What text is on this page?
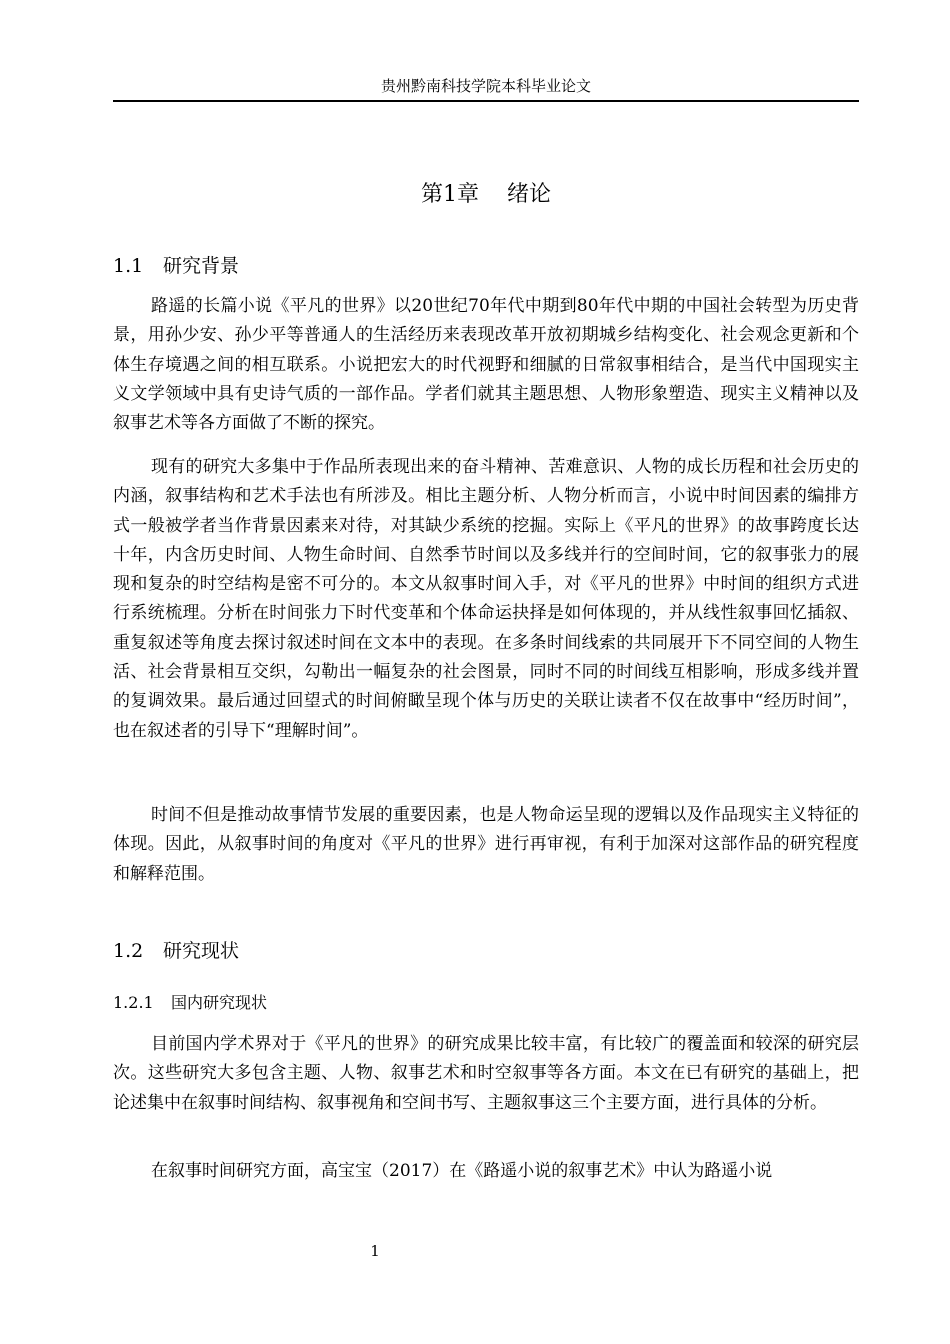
贵州黔南科技学院本科毕业论文
第1章 绪论
1.1 研究背景

路遥的长篇小说《平凡的世界》以20世纪70年代中期到80年代中期的中国社会转型为历史背景，用孙少安、孙少平等普通人的生活经历来表现改革开放初期城乡结构变化、社会观念更新和个体生存境遇之间的相互联系。小说把宏大的时代视野和细腻的日常叙事相结合，是当代中国现实主义文学领域中具有史诗气质的一部作品。学者们就其主题思想、人物形象塑造、现实主义精神以及叙事艺术等各方面做了不断的探究。

现有的研究大多集中于作品所表现出来的奋斗精神、苦难意识、人物的成长历程和社会历史的内涵，叙事结构和艺术手法也有所涉及。相比主题分析、人物分析而言，小说中时间因素的编排方式一般被学者当作背景因素来对待，对其缺少系统的挖掘。实际上《平凡的世界》的故事跨度长达十年，内含历史时间、人物生命时间、自然季节时间以及多线并行的空间时间，它的叙事张力的展现和复杂的时空结构是密不可分的。本文从叙事时间入手，对《平凡的世界》中时间的组织方式进行系统梳理。分析在时间张力下时代变革和个体命运抉择是如何体现的，并从线性叙事回忆插叙、重复叙述等角度去探讨叙述时间在文本中的表现。在多条时间线索的共同展开下不同空间的人物生活、社会背景相互交织，勾勒出一幅复杂的社会图景，同时不同的时间线互相影响，形成多线并置的复调效果。最后通过回望式的时间俯瞰呈现个体与历史的关联让读者不仅在故事中“经历时间”，也在叙述者的引导下“理解时间”。

时间不但是推动故事情节发展的重要因素，也是人物命运呈现的逻辑以及作品现实主义特征的体现。因此，从叙事时间的角度对《平凡的世界》进行再审视，有利于加深对这部作品的研究程度和解释范围。

1.2 研究现状
1.2.1 国内研究现状

目前国内学术界对于《平凡的世界》的研究成果比较丰富，有比较广的覆盖面和较深的研究层次。这些研究大多包含主题、人物、叙事艺术和时空叙事等各方面。本文在已有研究的基础上，把论述集中在叙事时间结构、叙事视角和空间书写、主题叙事这三个主要方面，进行具体的分析。

在叙事时间研究方面，高宝宝（2017）在《路遥小说的叙事艺术》中认为路遥小说

1
